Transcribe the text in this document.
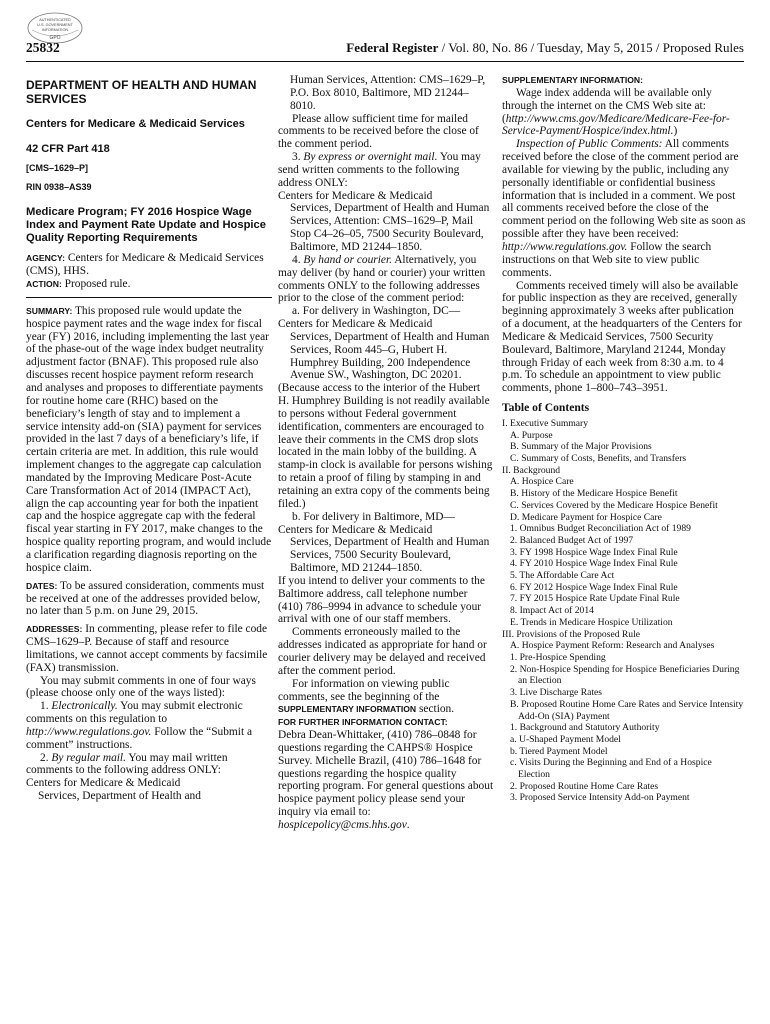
AUTHENTICATED
U.S. GOVERNMENT
INFORMATION
GPO
25832	Federal Register / Vol. 80, No. 86 / Tuesday, May 5, 2015 / Proposed Rules
DEPARTMENT OF HEALTH AND HUMAN SERVICES
Centers for Medicare & Medicaid Services
42 CFR Part 418
[CMS–1629–P]
RIN 0938–AS39
Medicare Program; FY 2016 Hospice Wage Index and Payment Rate Update and Hospice Quality Reporting Requirements

AGENCY: Centers for Medicare & Medicaid Services (CMS), HHS.

ACTION: Proposed rule.

SUMMARY: This proposed rule would update the hospice payment rates and the wage index for fiscal year (FY) 2016, including implementing the last year of the phase-out of the wage index budget neutrality adjustment factor (BNAF). This proposed rule also discusses recent hospice payment reform research and analyses and proposes to differentiate payments for routine home care (RHC) based on the beneficiary’s length of stay and to implement a service intensity add-on (SIA) payment for services provided in the last 7 days of a beneficiary’s life, if certain criteria are met. In addition, this rule would implement changes to the aggregate cap calculation mandated by the Improving Medicare Post-Acute Care Transformation Act of 2014 (IMPACT Act), align the cap accounting year for both the inpatient cap and the hospice aggregate cap with the federal fiscal year starting in FY 2017, make changes to the hospice quality reporting program, and would include a clarification regarding diagnosis reporting on the hospice claim.

DATES: To be assured consideration, comments must be received at one of the addresses provided below, no later than 5 p.m. on June 29, 2015.

ADDRESSES: In commenting, please refer to file code CMS–1629–P. Because of staff and resource limitations, we cannot accept comments by facsimile (FAX) transmission.

You may submit comments in one of four ways (please choose only one of the ways listed):

1. Electronically. You may submit electronic comments on this regulation to http://www.regulations.gov. Follow the “Submit a comment” instructions.

2. By regular mail. You may mail written comments to the following address ONLY:

Centers for Medicare & Medicaid

Services, Department of Health and

Human Services, Attention: CMS–1629–P, P.O. Box 8010, Baltimore, MD 21244–8010.

Please allow sufficient time for mailed comments to be received before the close of the comment period.

3. By express or overnight mail. You may send written comments to the following address ONLY:

Centers for Medicare & Medicaid

Services, Department of Health and Human Services, Attention: CMS–1629–P, Mail Stop C4–26–05, 7500 Security Boulevard, Baltimore, MD 21244–1850.

4. By hand or courier. Alternatively, you may deliver (by hand or courier) your written comments ONLY to the following addresses prior to the close of the comment period:

a. For delivery in Washington, DC—

Centers for Medicare & Medicaid

Services, Department of Health and Human Services, Room 445–G, Hubert H. Humphrey Building, 200 Independence Avenue SW., Washington, DC 20201.

(Because access to the interior of the Hubert H. Humphrey Building is not readily available to persons without Federal government identification, commenters are encouraged to leave their comments in the CMS drop slots located in the main lobby of the building. A stamp-in clock is available for persons wishing to retain a proof of filing by stamping in and retaining an extra copy of the comments being filed.)

b. For delivery in Baltimore, MD—

Centers for Medicare & Medicaid

Services, Department of Health and Human Services, 7500 Security Boulevard, Baltimore, MD 21244–1850.

If you intend to deliver your comments to the Baltimore address, call telephone number (410) 786–9994 in advance to schedule your arrival with one of our staff members.

Comments erroneously mailed to the addresses indicated as appropriate for hand or courier delivery may be delayed and received after the comment period.

For information on viewing public comments, see the beginning of the SUPPLEMENTARY INFORMATION section.

FOR FURTHER INFORMATION CONTACT:

Debra Dean-Whittaker, (410) 786–0848 for questions regarding the CAHPS® Hospice Survey. Michelle Brazil, (410) 786–1648 for questions regarding the hospice quality reporting program. For general questions about hospice payment policy please send your inquiry via email to: hospicepolicy@cms.hhs.gov.

SUPPLEMENTARY INFORMATION:

Wage index addenda will be available only through the internet on the CMS Web site at: (http://www.cms.gov/Medicare/Medicare-Fee-for-Service-Payment/Hospice/index.html.)

Inspection of Public Comments: All comments received before the close of the comment period are available for viewing by the public, including any personally identifiable or confidential business information that is included in a comment. We post all comments received before the close of the comment period on the following Web site as soon as possible after they have been received: http://www.regulations.gov. Follow the search instructions on that Web site to view public comments.

Comments received timely will also be available for public inspection as they are received, generally beginning approximately 3 weeks after publication of a document, at the headquarters of the Centers for Medicare & Medicaid Services, 7500 Security Boulevard, Baltimore, Maryland 21244, Monday through Friday of each week from 8:30 a.m. to 4 p.m. To schedule an appointment to view public comments, phone 1–800–743–3951.

Table of Contents
I. Executive Summary
A. Purpose
B. Summary of the Major Provisions
C. Summary of Costs, Benefits, and Transfers
II. Background
A. Hospice Care
B. History of the Medicare Hospice Benefit
C. Services Covered by the Medicare Hospice Benefit
D. Medicare Payment for Hospice Care
1. Omnibus Budget Reconciliation Act of 1989
2. Balanced Budget Act of 1997
3. FY 1998 Hospice Wage Index Final Rule
4. FY 2010 Hospice Wage Index Final Rule
5. The Affordable Care Act
6. FY 2012 Hospice Wage Index Final Rule
7. FY 2015 Hospice Rate Update Final Rule
8. Impact Act of 2014
E. Trends in Medicare Hospice Utilization
III. Provisions of the Proposed Rule
A. Hospice Payment Reform: Research and Analyses
1. Pre-Hospice Spending
2. Non-Hospice Spending for Hospice Beneficiaries During an Election
3. Live Discharge Rates
B. Proposed Routine Home Care Rates and Service Intensity Add-On (SIA) Payment
1. Background and Statutory Authority
a. U-Shaped Payment Model
b. Tiered Payment Model
c. Visits During the Beginning and End of a Hospice Election
2. Proposed Routine Home Care Rates
3. Proposed Service Intensity Add-on Payment
